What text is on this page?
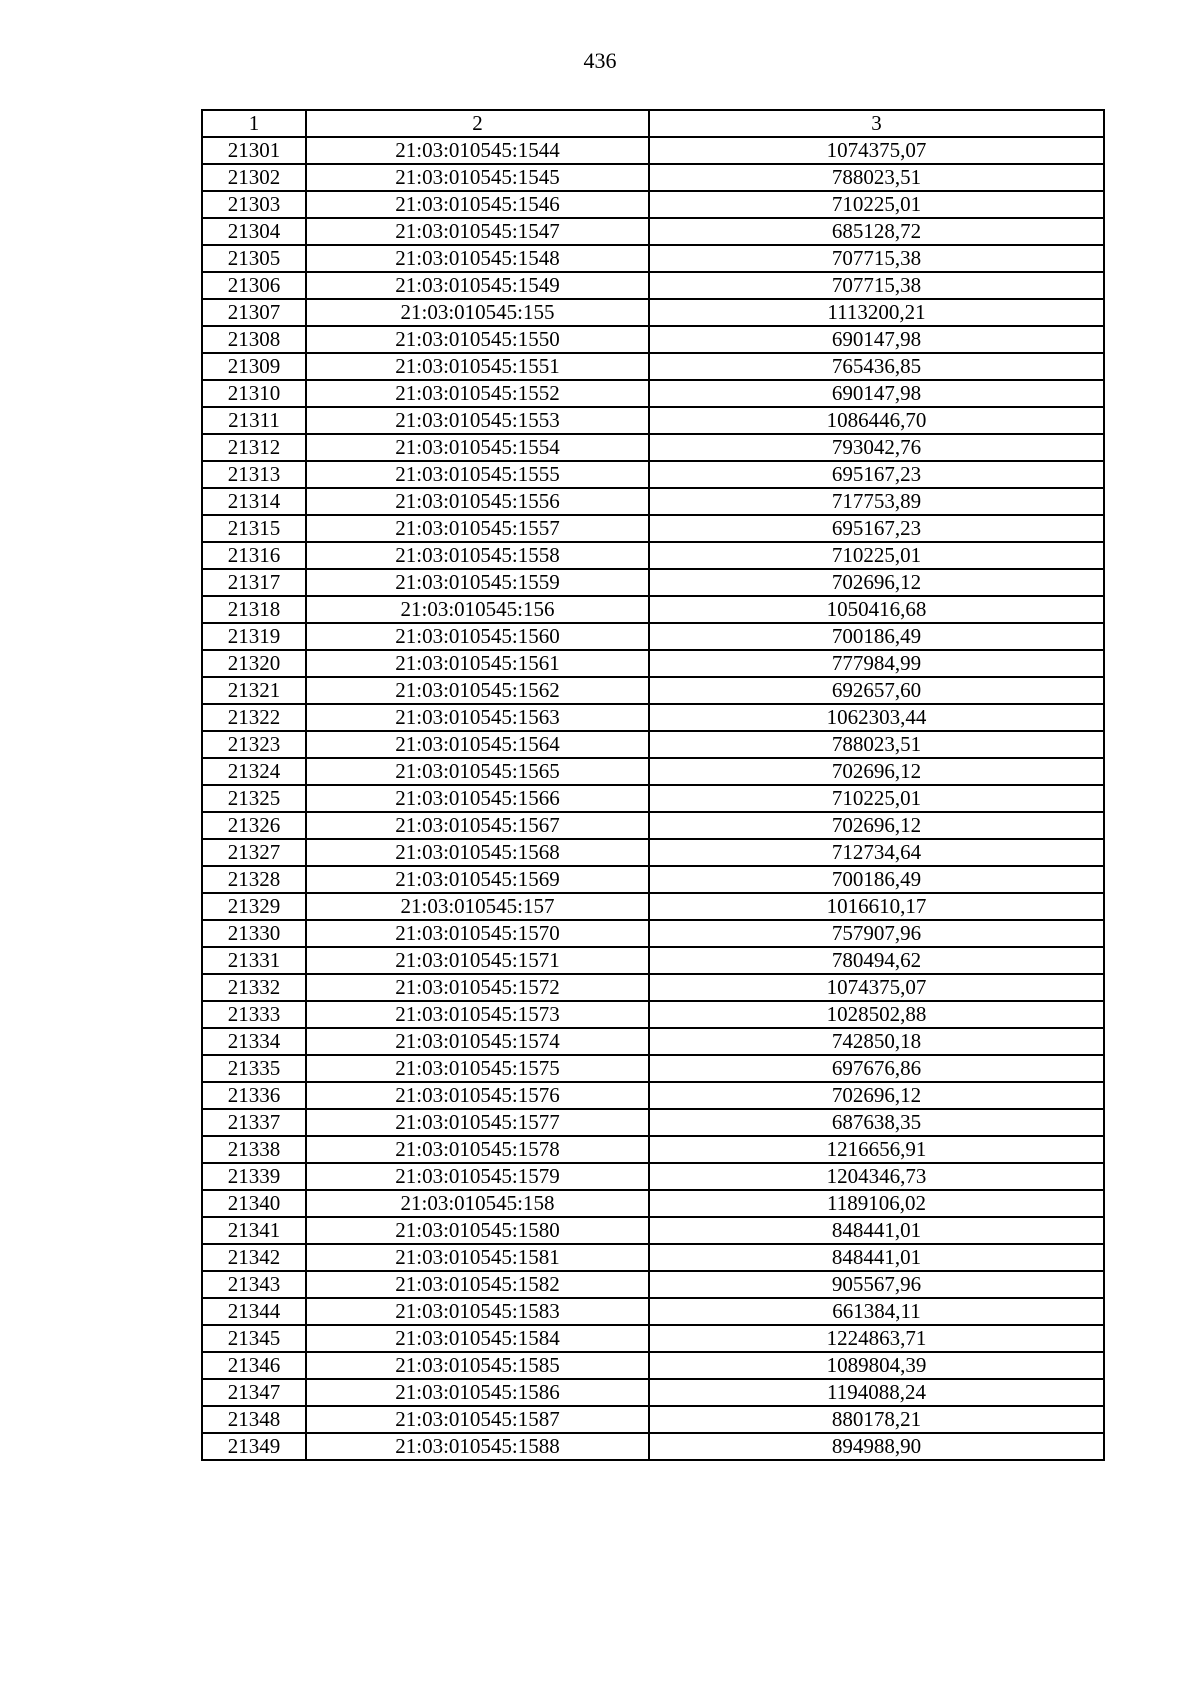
436
1	2	3
21301	21:03:010545:1544	1074375,07
21302	21:03:010545:1545	788023,51
21303	21:03:010545:1546	710225,01
21304	21:03:010545:1547	685128,72
21305	21:03:010545:1548	707715,38
21306	21:03:010545:1549	707715,38
21307	21:03:010545:155	1113200,21
21308	21:03:010545:1550	690147,98
21309	21:03:010545:1551	765436,85
21310	21:03:010545:1552	690147,98
21311	21:03:010545:1553	1086446,70
21312	21:03:010545:1554	793042,76
21313	21:03:010545:1555	695167,23
21314	21:03:010545:1556	717753,89
21315	21:03:010545:1557	695167,23
21316	21:03:010545:1558	710225,01
21317	21:03:010545:1559	702696,12
21318	21:03:010545:156	1050416,68
21319	21:03:010545:1560	700186,49
21320	21:03:010545:1561	777984,99
21321	21:03:010545:1562	692657,60
21322	21:03:010545:1563	1062303,44
21323	21:03:010545:1564	788023,51
21324	21:03:010545:1565	702696,12
21325	21:03:010545:1566	710225,01
21326	21:03:010545:1567	702696,12
21327	21:03:010545:1568	712734,64
21328	21:03:010545:1569	700186,49
21329	21:03:010545:157	1016610,17
21330	21:03:010545:1570	757907,96
21331	21:03:010545:1571	780494,62
21332	21:03:010545:1572	1074375,07
21333	21:03:010545:1573	1028502,88
21334	21:03:010545:1574	742850,18
21335	21:03:010545:1575	697676,86
21336	21:03:010545:1576	702696,12
21337	21:03:010545:1577	687638,35
21338	21:03:010545:1578	1216656,91
21339	21:03:010545:1579	1204346,73
21340	21:03:010545:158	1189106,02
21341	21:03:010545:1580	848441,01
21342	21:03:010545:1581	848441,01
21343	21:03:010545:1582	905567,96
21344	21:03:010545:1583	661384,11
21345	21:03:010545:1584	1224863,71
21346	21:03:010545:1585	1089804,39
21347	21:03:010545:1586	1194088,24
21348	21:03:010545:1587	880178,21
21349	21:03:010545:1588	894988,90
